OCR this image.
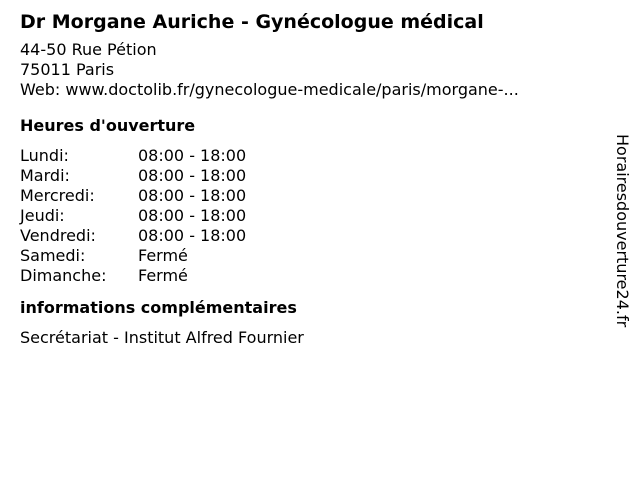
Dr Morgane Auriche - Gynécologue médical
44-50 Rue Pétion
75011 Paris
Web: www.doctolib.fr/gynecologue-medicale/paris/morgane-...
Heures d'ouverture
Lundi:	08:00 - 18:00
Mardi:	08:00 - 18:00
Mercredi:	08:00 - 18:00
Jeudi:	08:00 - 18:00
Vendredi:	08:00 - 18:00
Samedi:	Fermé
Dimanche:	Fermé
informations complémentaires
Secrétariat - Institut Alfred Fournier
Horairesdouverture24.fr
